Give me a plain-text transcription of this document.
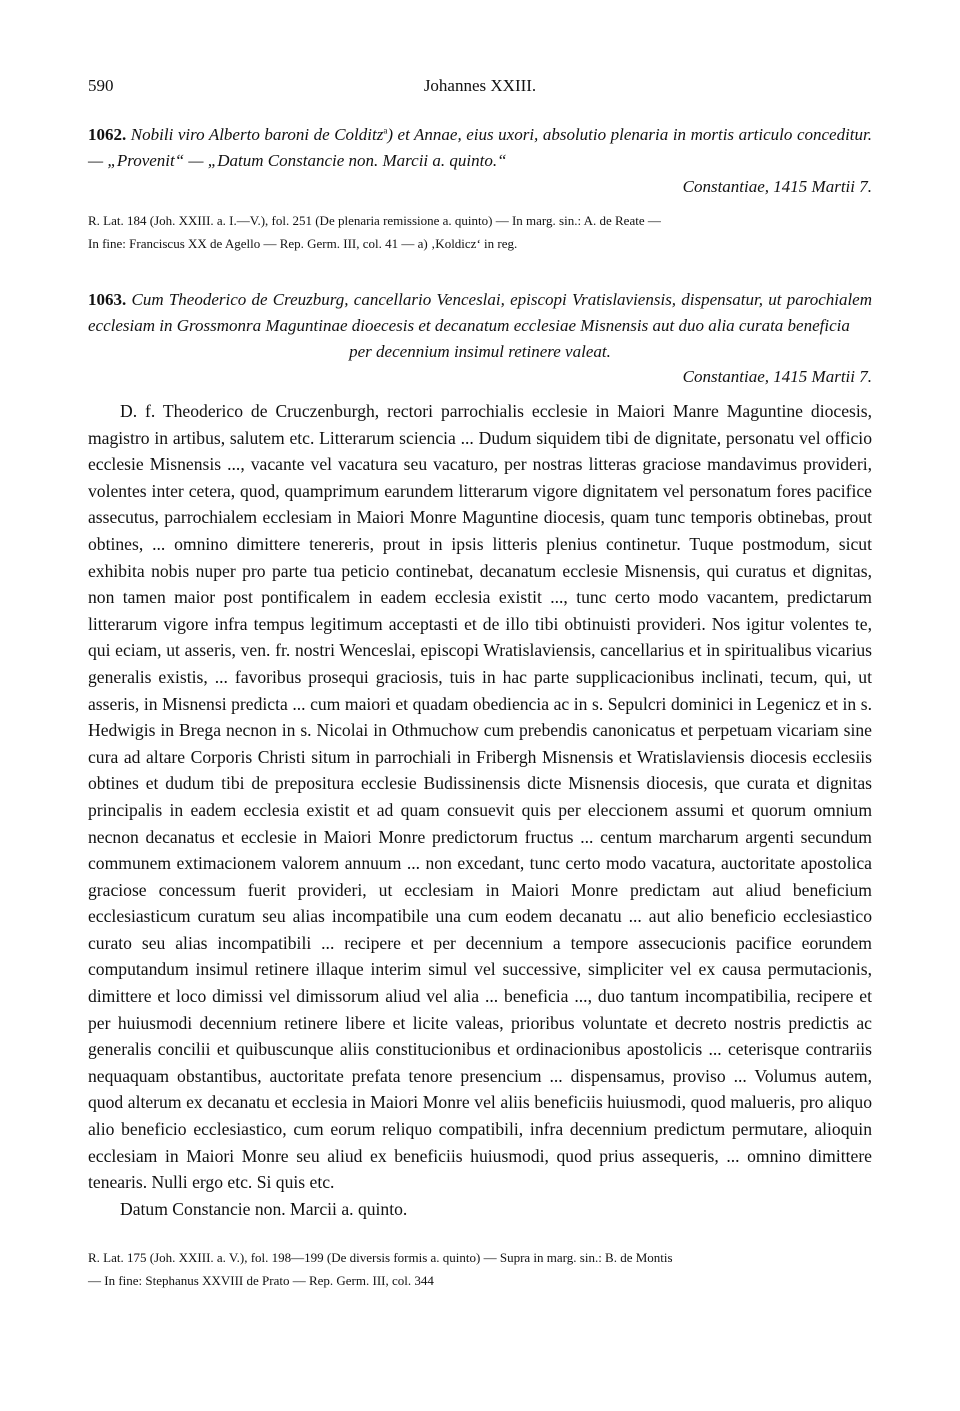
590	Johannes XXIII.
1062. Nobili viro Alberto baroni de Colditz$^a$) et Annae, eius uxori, absolutio plenaria in mortis articulo conceditur. — „Provenit“ — „Datum Constancie non. Marcii a. quinto.“
Constantiae, 1415 Martii 7.
R. Lat. 184 (Joh. XXIII. a. I.—V.), fol. 251 (De plenaria remissione a. quinto) — In marg. sin.: A. de Reate —
In fine: Franciscus XX de Agello — Rep. Germ. III, col. 41 — a) ‚Koldicz‘ in reg.
1063. Cum Theoderico de Creuzburg, cancellario Venceslai, episcopi Vratislaviensis, dispensatur, ut parochialem ecclesiam in Grossmonra Maguntinae dioecesis et decanatum ecclesiae Misnensis aut duo alia curata beneficia
per decennium insimul retinere valeat.
Constantiae, 1415 Martii 7.

D. f. Theoderico de Cruczenburgh, rectori parrochialis ecclesie in Maiori Manre Maguntine diocesis, magistro in artibus, salutem etc. Litterarum sciencia ... Dudum siquidem tibi de dignitate, personatu vel officio ecclesie Misnensis ..., vacante vel vacatura seu vacaturo, per nostras litteras graciose mandavimus provideri, volentes inter cetera, quod, quamprimum earundem litterarum vigore dignitatem vel personatum fores pacifice assecutus, parrochialem ecclesiam in Maiori Monre Maguntine diocesis, quam tunc temporis obtinebas, prout obtines, ... omnino dimittere tenereris, prout in ipsis litteris plenius continetur. Tuque postmodum, sicut exhibita nobis nuper pro parte tua peticio continebat, decanatum ecclesie Misnensis, qui curatus et dignitas, non tamen maior post pontificalem in eadem ecclesia existit ..., tunc certo modo vacantem, predictarum litterarum vigore infra tempus legitimum acceptasti et de illo tibi obtinuisti provideri. Nos igitur volentes te, qui eciam, ut asseris, ven. fr. nostri Wenceslai, episcopi Wratislaviensis, cancellarius et in spiritualibus vicarius generalis existis, ... favoribus prosequi graciosis, tuis in hac parte supplicacionibus inclinati, tecum, qui, ut asseris, in Misnensi predicta ... cum maiori et quadam obediencia ac in s. Sepulcri dominici in Legenicz et in s. Hedwigis in Brega necnon in s. Nicolai in Othmuchow cum prebendis canonicatus et perpetuam vicariam sine cura ad altare Corporis Christi situm in parrochiali in Fribergh Misnensis et Wratislaviensis diocesis ecclesiis obtines et dudum tibi de prepositura ecclesie Budissinensis dicte Misnensis diocesis, que curata et dignitas principalis in eadem ecclesia existit et ad quam consuevit quis per eleccionem assumi et quorum omnium necnon decanatus et ecclesie in Maiori Monre predictorum fructus ... centum marcharum argenti secundum communem extimacionem valorem annuum ... non excedant, tunc certo modo vacatura, auctoritate apostolica graciose concessum fuerit provideri, ut ecclesiam in Maiori Monre predictam aut aliud beneficium ecclesiasticum curatum seu alias incompatibile una cum eodem decanatu ... aut alio beneficio ecclesiastico curato seu alias incompatibili ... recipere et per decennium a tempore assecucionis pacifice eorundem computandum insimul retinere illaque interim simul vel successive, simpliciter vel ex causa permutacionis, dimittere et loco dimissi vel dimissorum aliud vel alia ... beneficia ..., duo tantum incompatibilia, recipere et per huiusmodi decennium retinere libere et licite valeas, prioribus voluntate et decreto nostris predictis ac generalis concilii et quibuscunque aliis constitucionibus et ordinacionibus apostolicis ... ceterisque contrariis nequaquam obstantibus, auctoritate prefata tenore presencium ... dispensamus, proviso ... Volumus autem, quod alterum ex decanatu et ecclesia in Maiori Monre vel aliis beneficiis huiusmodi, quod malueris, pro aliquo alio beneficio ecclesiastico, cum eorum reliquo compatibili, infra decennium predictum permutare, alioquin ecclesiam in Maiori Monre seu aliud ex beneficiis huiusmodi, quod prius assequeris, ... omnino dimittere tenearis. Nulli ergo etc. Si quis etc.

Datum Constancie non. Marcii a. quinto.

R. Lat. 175 (Joh. XXIII. a. V.), fol. 198—199 (De diversis formis a. quinto) — Supra in marg. sin.: B. de Montis
— In fine: Stephanus XXVIII de Prato — Rep. Germ. III, col. 344
